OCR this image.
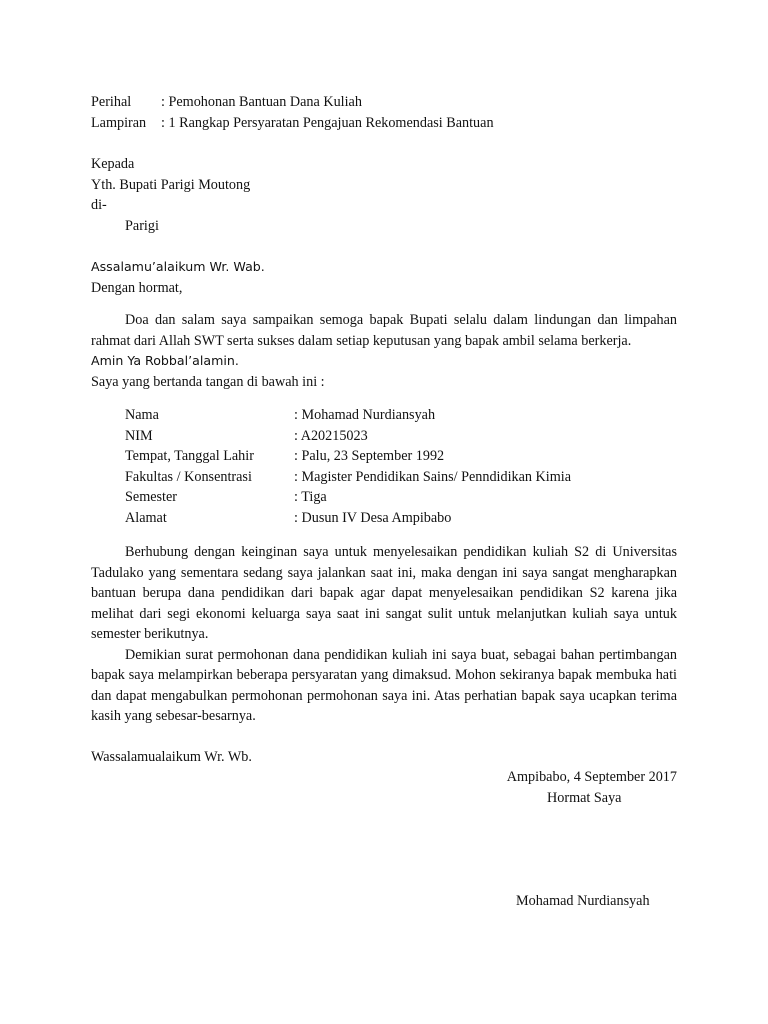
Perihal	: Pemohonan Bantuan Dana Kuliah
Lampiran	: 1 Rangkap Persyaratan Pengajuan Rekomendasi Bantuan
Kepada
Yth. Bupati Parigi Moutong
di-
Parigi
Assalamu’alaikum Wr. Wab.
Dengan hormat,

Doa dan salam saya sampaikan semoga bapak Bupati selalu dalam lindungan dan limpahan rahmat dari Allah SWT serta sukses dalam setiap keputusan yang bapak ambil selama berkerja.

Amin Ya Robbal’alamin.
Saya yang bertanda tangan di bawah ini :
Nama	: Mohamad Nurdiansyah
NIM	: A20215023
Tempat, Tanggal Lahir	: Palu, 23 September 1992
Fakultas / Konsentrasi	: Magister Pendidikan Sains/ Penndidikan Kimia
Semester	: Tiga
Alamat	: Dusun IV Desa Ampibabo

Berhubung dengan keinginan saya untuk menyelesaikan pendidikan kuliah S2 di Universitas Tadulako yang sementara sedang saya jalankan saat ini, maka dengan ini saya sangat mengharapkan bantuan berupa dana pendidikan dari bapak agar dapat menyelesaikan pendidikan S2 karena jika melihat dari segi ekonomi keluarga saya saat ini sangat sulit untuk melanjutkan kuliah saya untuk semester berikutnya.

Demikian surat permohonan dana pendidikan kuliah ini saya buat, sebagai bahan pertimbangan bapak saya melampirkan beberapa persyaratan yang dimaksud. Mohon sekiranya bapak membuka hati dan dapat mengabulkan permohonan permohonan saya ini. Atas perhatian bapak saya ucapkan terima kasih yang sebesar-besarnya.

Wassalamualaikum Wr. Wb.
Ampibabo, 4 September 2017
Hormat Saya
Mohamad Nurdiansyah
